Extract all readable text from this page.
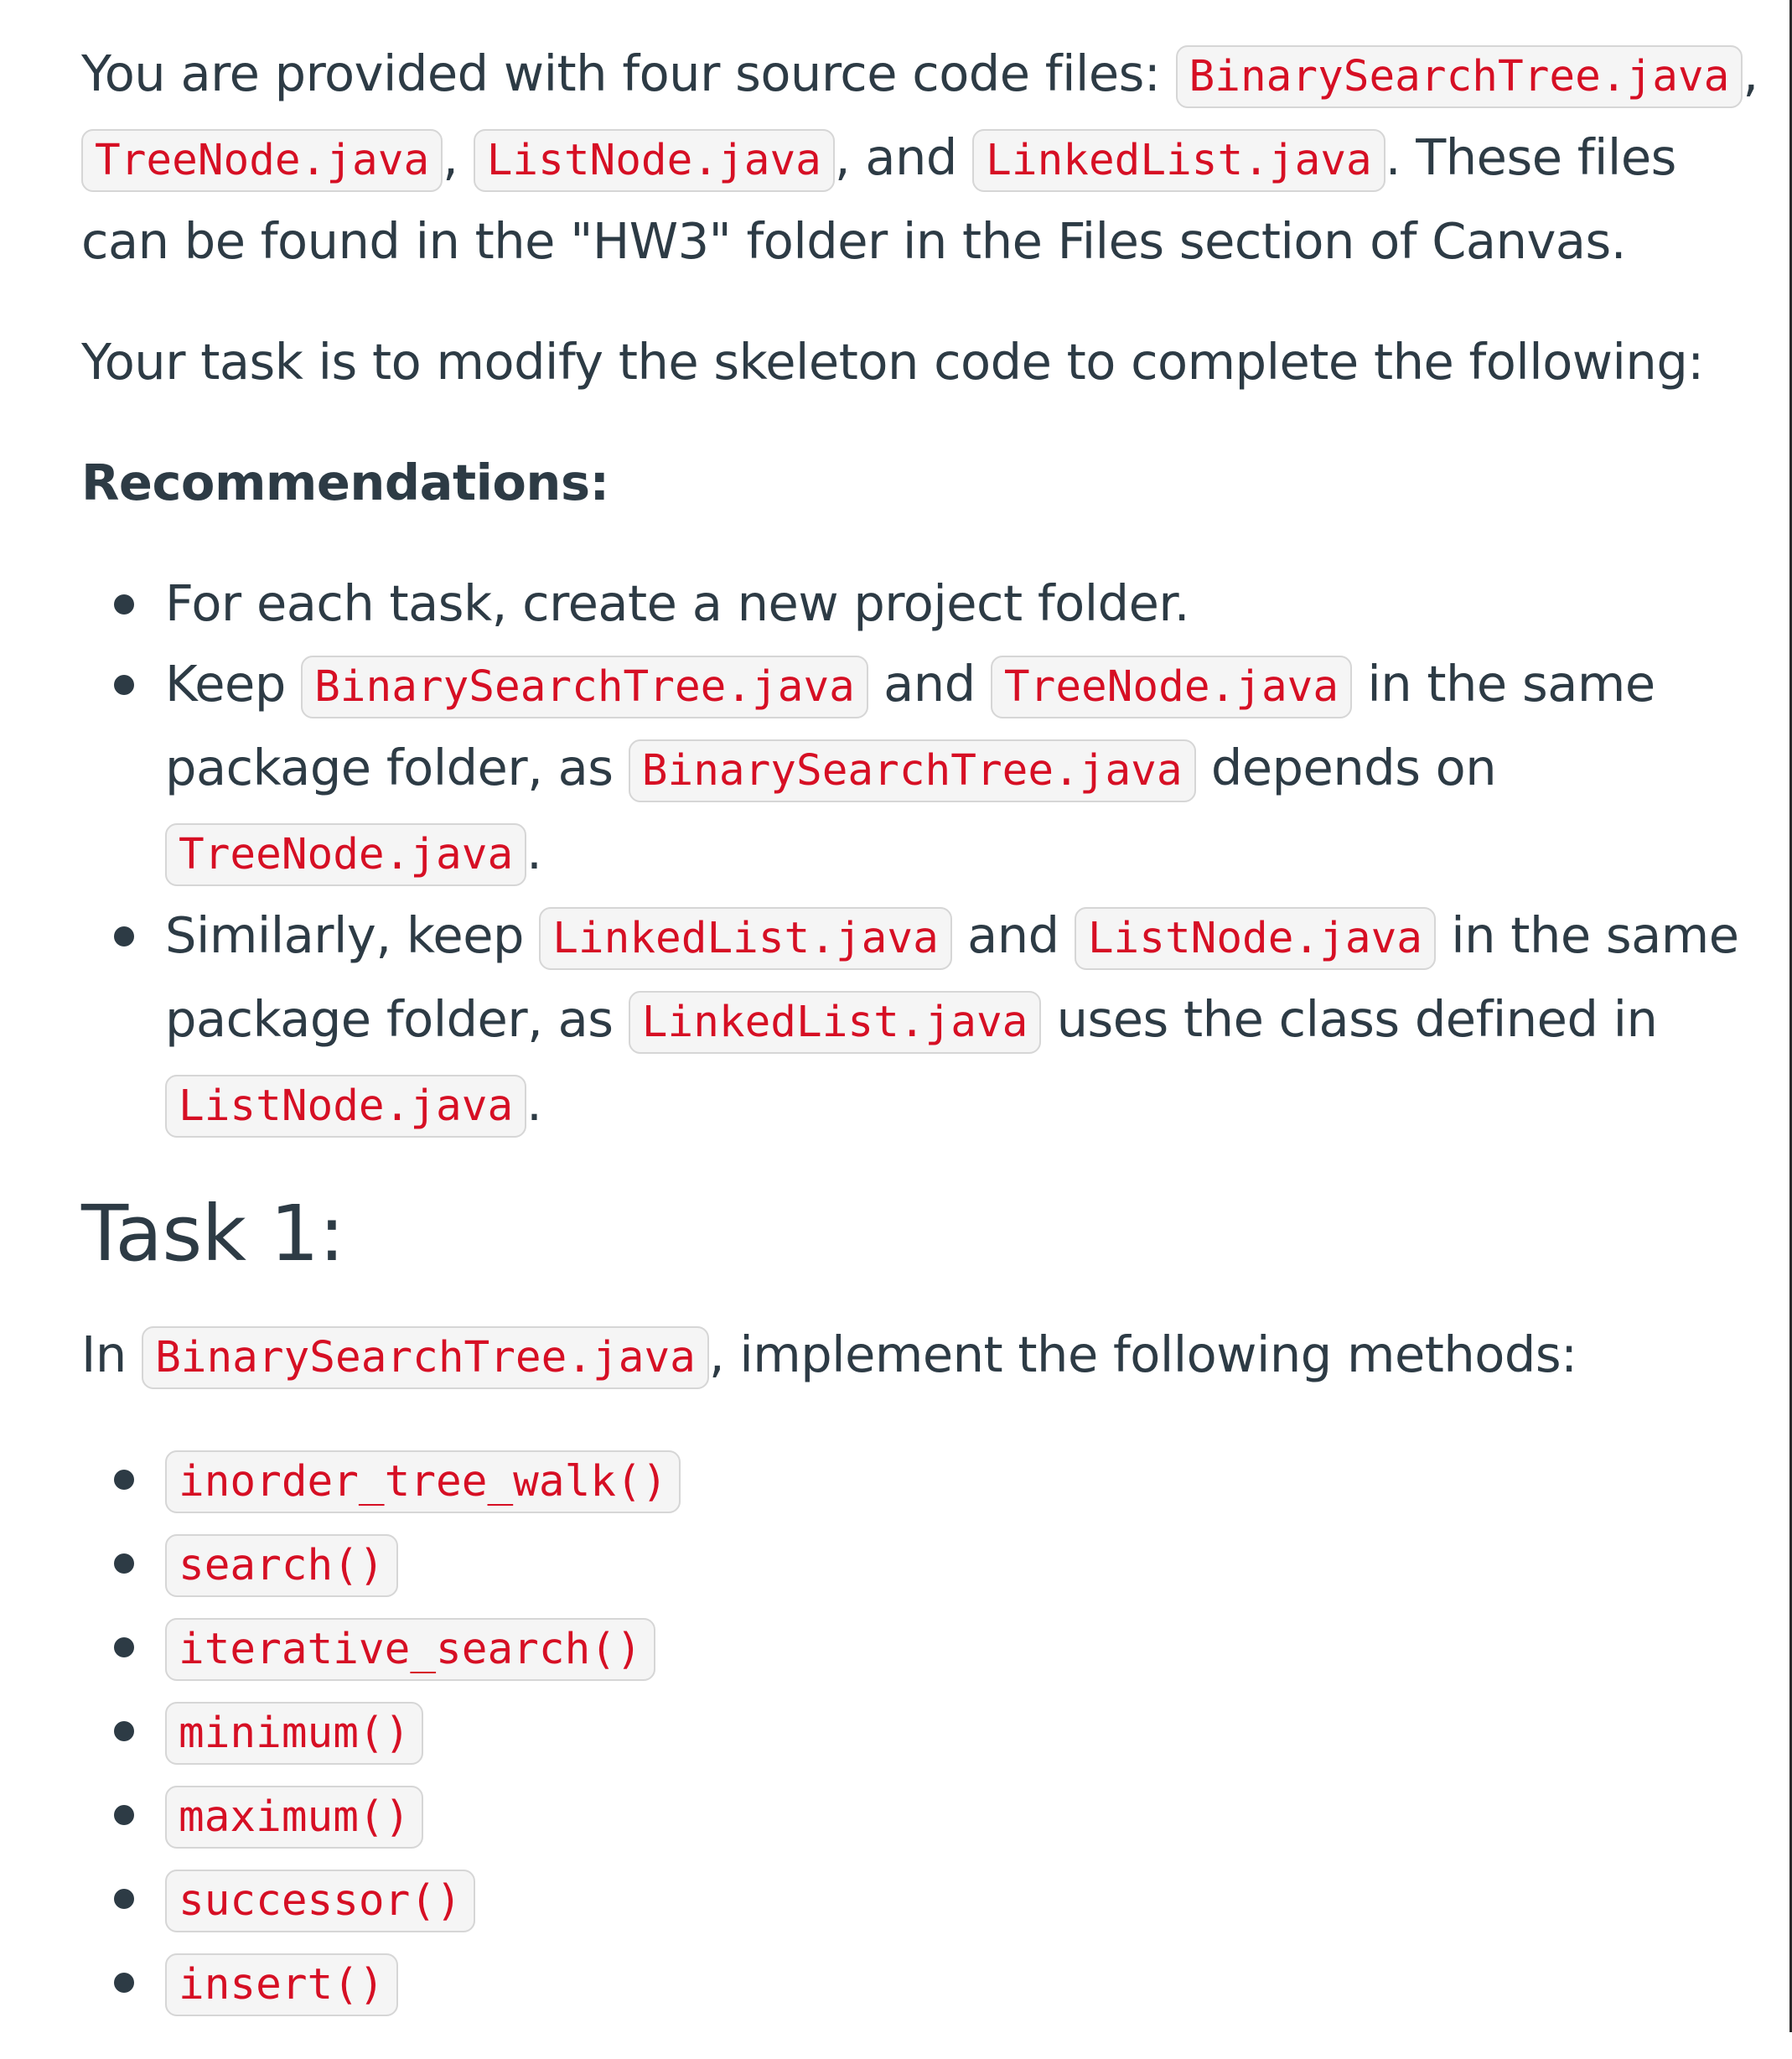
You are provided with four source code files: BinarySearchTree.java , TreeNode.java , ListNode.java , and LinkedList.java . These files can be found in the "HW3" folder in the Files section of Canvas.

Your task is to modify the skeleton code to complete the following:

Recommendations:
For each task, create a new project folder.
Keep BinarySearchTree.java and TreeNode.java in the same package folder, as BinarySearchTree.java depends on TreeNode.java .
Similarly, keep LinkedList.java and ListNode.java in the same package folder, as LinkedList.java uses the class defined in ListNode.java .
Task 1:

In BinarySearchTree.java , implement the following methods:

inorder_tree_walk()
search()
iterative_search()
minimum()
maximum()
successor()
insert()
